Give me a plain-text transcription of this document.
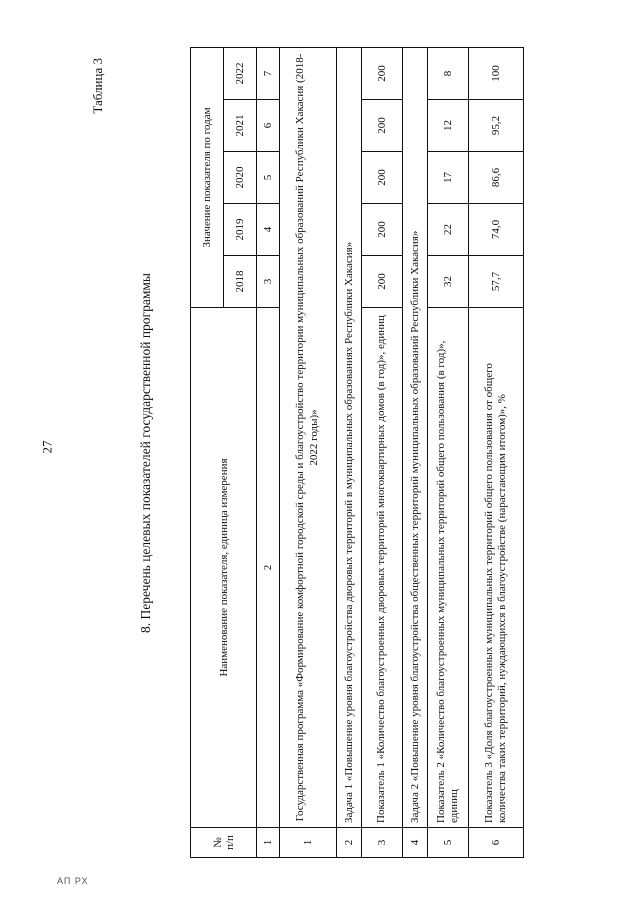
27
АП РХ
Таблица 3
8. Перечень целевых показателей государственной программы
№
п/п	Наименование показателя, единица измерения	Значение показателя по годам				
		2018	2019	2020	2021	2022
1	2	3	4	5	6	7
1	Государственная программа «Формирование комфортной городской среды и благоустройство территории муниципальных образований Республики Хакасия (2018-2022 годы)»					
2	Задача 1 «Повышение уровня благоустройства дворовых территорий в муниципальных образованиях Республики Хакасия»					
3	Показатель 1 «Количество благоустроенных дворовых территорий многоквартирных домов (в год)», единиц	200	200	200	200	200
4	Задача 2 «Повышение уровня благоустройства общественных территорий муниципальных образований Республики Хакасия»					
5	Показатель 2 «Количество благоустроенных муниципальных территорий общего пользования (в год)», единиц	32	22	17	12	8
6	Показатель 3 «Доля благоустроенных муниципальных территорий общего пользования от общего количества таких территорий, нуждающихся в благоустройстве (нарастающим итогом)», %	57,7	74,0	86,6	95,2	100
